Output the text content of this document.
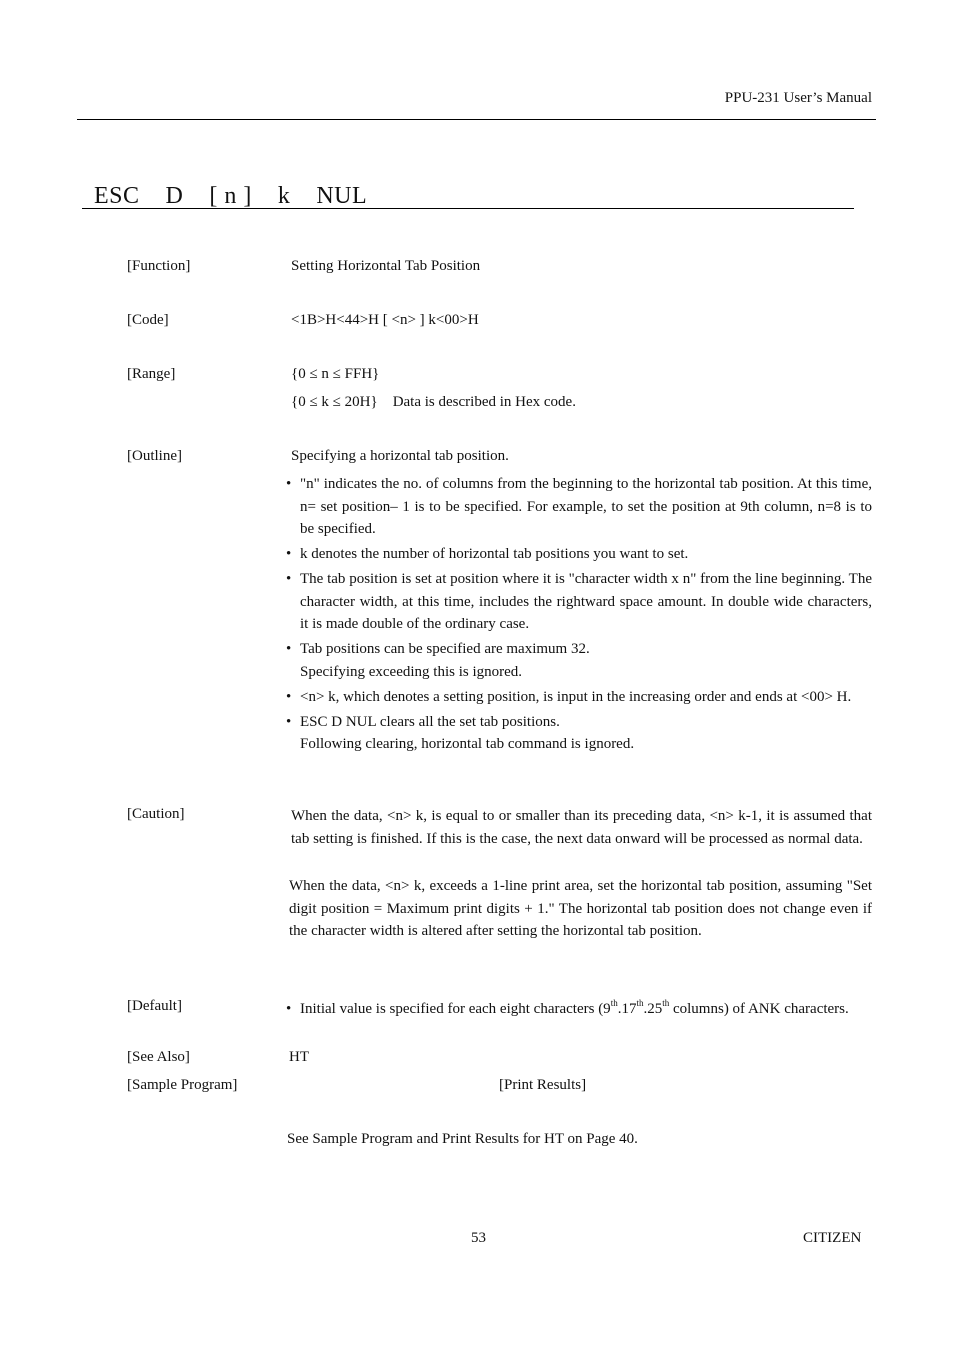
PPU-231 User’s Manual
ESC    D    [ n ]    k    NUL
[Function]	Setting Horizontal Tab Position
[Code]	<1B>H<44>H [ <n> ] k<00>H
[Range]	{0 ≤ n ≤ FFH}
{0 ≤ k ≤ 20H}    Data is described in Hex code.
[Outline]	Specifying a horizontal tab position.
• "n" indicates the no. of columns from the beginning to the horizontal tab position. At this time, n= set position– 1 is to be specified. For example, to set the position at 9th column, n=8 is to be specified.
• k denotes the number of horizontal tab positions you want to set.
• The tab position is set at position where it is "character width x n" from the line beginning. The character width, at this time, includes the rightward space amount. In double wide characters, it is made double of the ordinary case.
• Tab positions can be specified are maximum 32.
Specifying exceeding this is ignored.
• <n> k, which denotes a setting position, is input in the increasing order and ends at <00> H.
• ESC D NUL clears all the set tab positions.
Following clearing, horizontal tab command is ignored.
[Caution]	When the data, <n> k, is equal to or smaller than its preceding data, <n> k-1, it is assumed that tab setting is finished. If this is the case, the next data onward will be processed as normal data.
When the data, <n> k, exceeds a 1-line print area, set the horizontal tab position, assuming "Set digit position = Maximum print digits + 1." The horizontal tab position does not change even if the character width is altered after setting the horizontal tab position.
[Default]	• Initial value is specified for each eight characters (9th.17th.25th columns) of ANK characters.
[See Also]	HT
[Sample Program]	[Print Results]
See Sample Program and Print Results for HT on Page 40.
53	CITIZEN
